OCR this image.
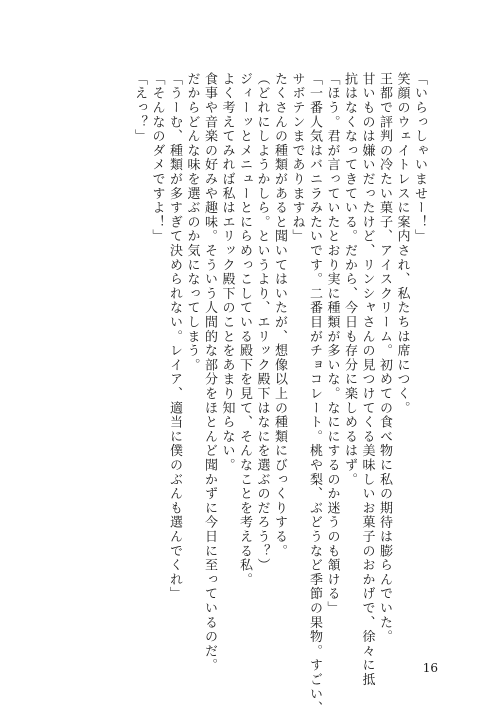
「いらっしゃいませー！」
笑顔のウェイトレスに案内され、私たちは席につく。
王都で評判の冷たい菓子、アイスクリーム。初めての食べ物に私の期待は膨らんでいた。
甘いものは嫌いだったけど、リンシャさんの見つけてくる美味しいお菓子のおかげで、徐々に抵
抗はなくなってきている。だから、今日も存分に楽しめるはず。
「ほう。君が言っていたとおり実に種類が多いな。なににするのか迷うのも頷ける」
「一番人気はバニラみたいです。二番目がチョコレート。桃や梨、ぶどうなど季節の果物。すごい、
サボテンまでありますね」
たくさんの種類があると聞いてはいたが、想像以上の種類にびっくりする。
（どれにしようかしら。というより、エリック殿下はなにを選ぶのだろう？）
ジィーッとメニューとにらめっこしている殿下を見て、そんなことを考える私。
よく考えてみれば私はエリック殿下のことをあまり知らない。
食事や音楽の好みや趣味。そういう人間的な部分をほとんど聞かずに今日に至っているのだ。
だからどんな味を選ぶのか気になってしまう。
「うーむ、種類が多すぎて決められない。レイア、適当に僕のぶんも選んでくれ」
「そんなのダメですよ！」
「えっ？」
16
